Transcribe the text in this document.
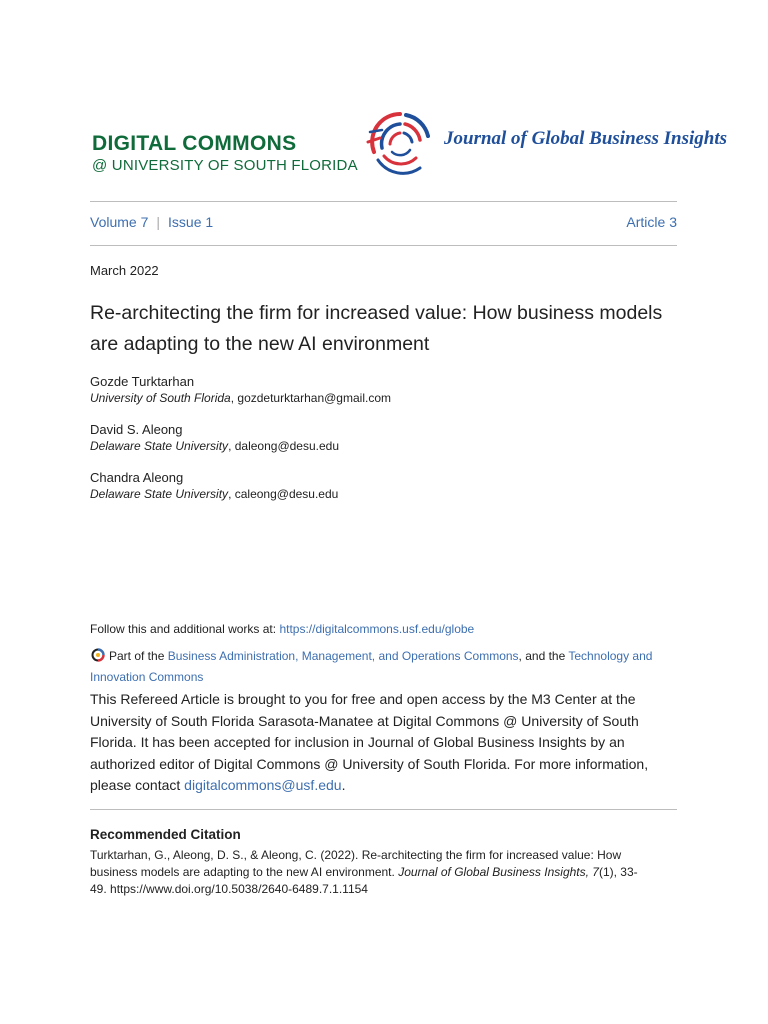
DIGITAL COMMONS
@ UNIVERSITY OF SOUTH FLORIDA
Journal of Global Business Insights
Volume 7 | Issue 1	Article 3
March 2022
Re-architecting the firm for increased value: How business models are adapting to the new AI environment
Gozde Turktarhan
University of South Florida, gozdeturktarhan@gmail.com
David S. Aleong
Delaware State University, daleong@desu.edu
Chandra Aleong
Delaware State University, caleong@desu.edu
Follow this and additional works at: https://digitalcommons.usf.edu/globe
Part of the Business Administration, Management, and Operations Commons, and the Technology and Innovation Commons
This Refereed Article is brought to you for free and open access by the M3 Center at the University of South Florida Sarasota-Manatee at Digital Commons @ University of South Florida. It has been accepted for inclusion in Journal of Global Business Insights by an authorized editor of Digital Commons @ University of South Florida. For more information, please contact digitalcommons@usf.edu.
Recommended Citation
Turktarhan, G., Aleong, D. S., & Aleong, C. (2022). Re-architecting the firm for increased value: How business models are adapting to the new AI environment. Journal of Global Business Insights, 7(1), 33-49. https://www.doi.org/10.5038/2640-6489.7.1.1154
